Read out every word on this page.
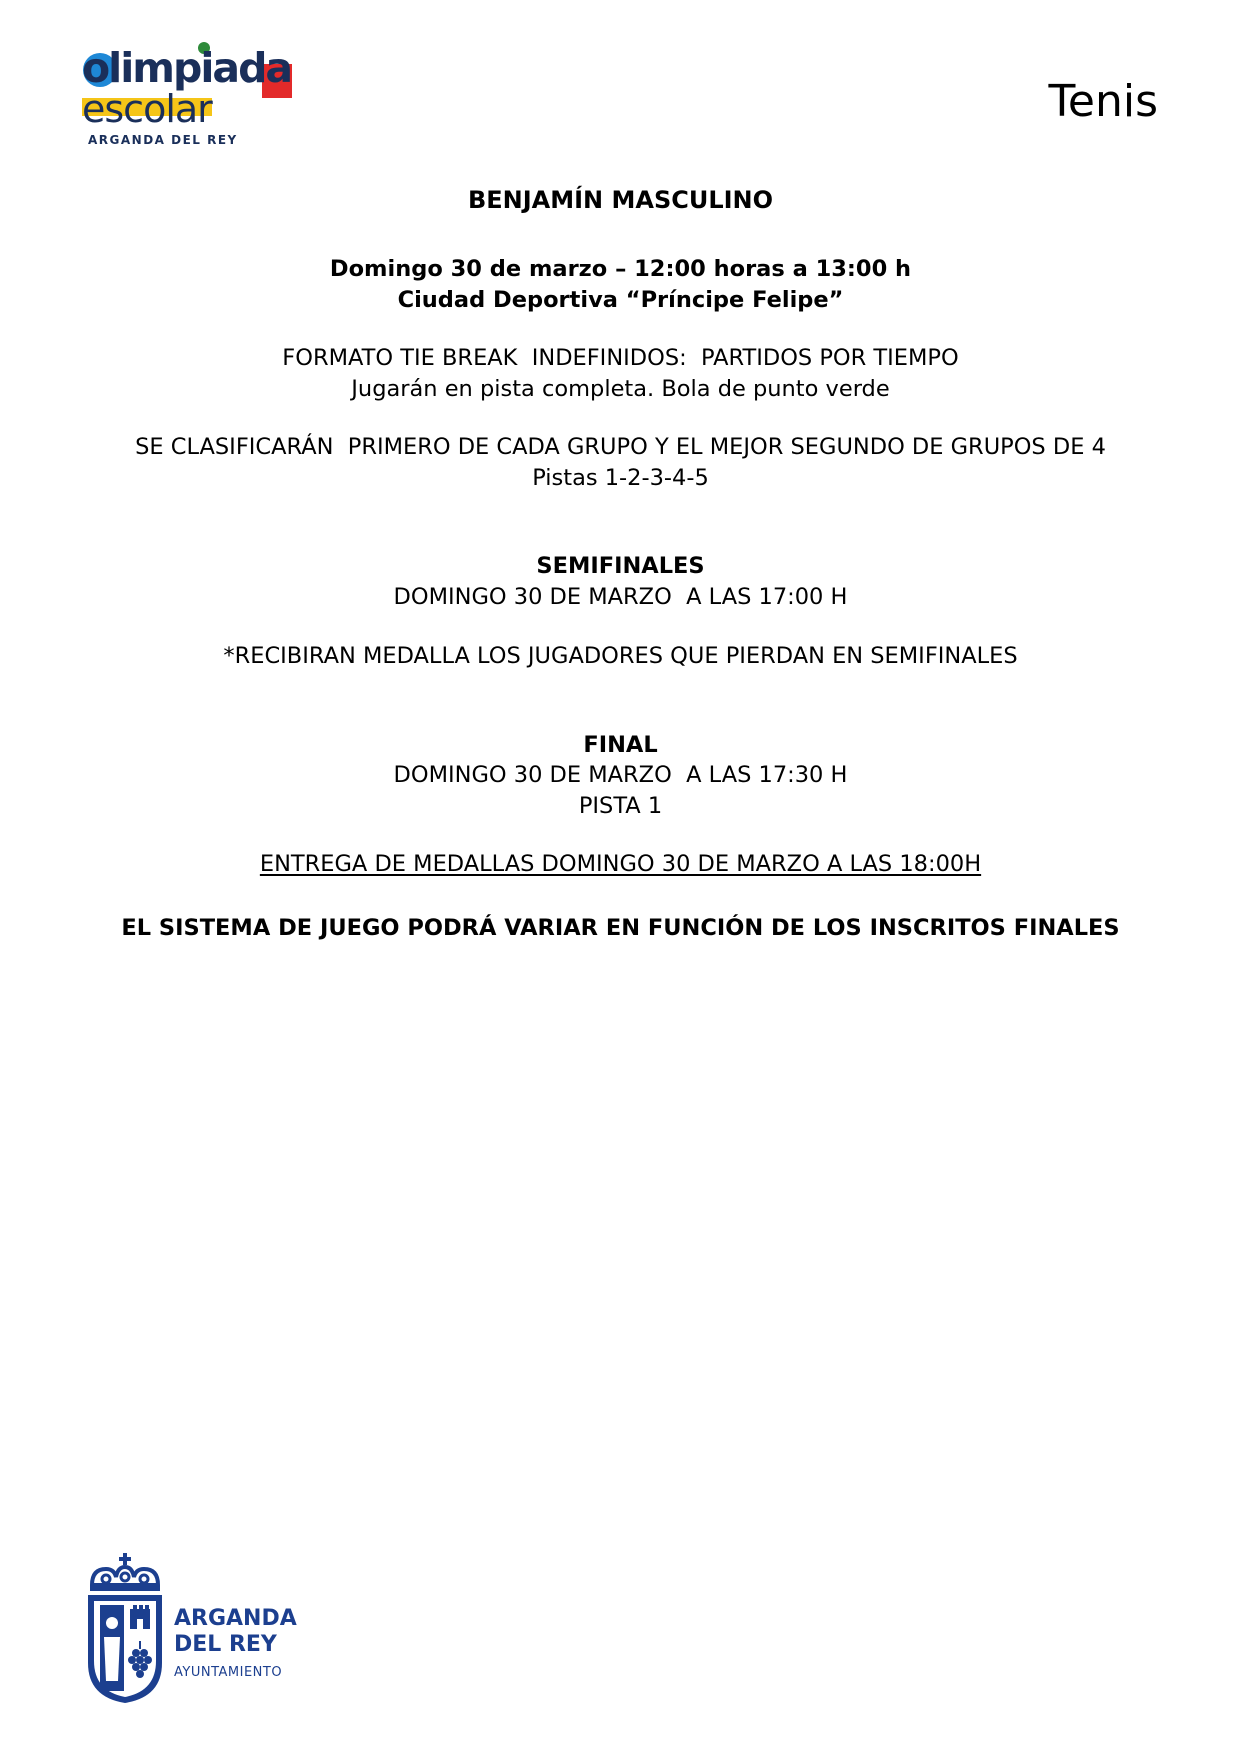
olimpiada
escolar
ARGANDA DEL REY
Tenis

BENJAMÍN MASCULINO

Domingo 30 de marzo – 12:00 horas a 13:00 h

Ciudad Deportiva “Príncipe Felipe”

FORMATO TIE BREAK  INDEFINIDOS:  PARTIDOS POR TIEMPO

Jugarán en pista completa. Bola de punto verde

SE CLASIFICARÁN  PRIMERO DE CADA GRUPO Y EL MEJOR SEGUNDO DE GRUPOS DE 4

Pistas 1-2-3-4-5

SEMIFINALES

DOMINGO 30 DE MARZO  A LAS 17:00 H

*RECIBIRAN MEDALLA LOS JUGADORES QUE PIERDAN EN SEMIFINALES

FINAL

DOMINGO 30 DE MARZO  A LAS 17:30 H

PISTA 1

ENTREGA DE MEDALLAS DOMINGO 30 DE MARZO A LAS 18:00H

EL SISTEMA DE JUEGO PODRÁ VARIAR EN FUNCIÓN DE LOS INSCRITOS FINALES

ARGANDA
DEL REY
AYUNTAMIENTO
